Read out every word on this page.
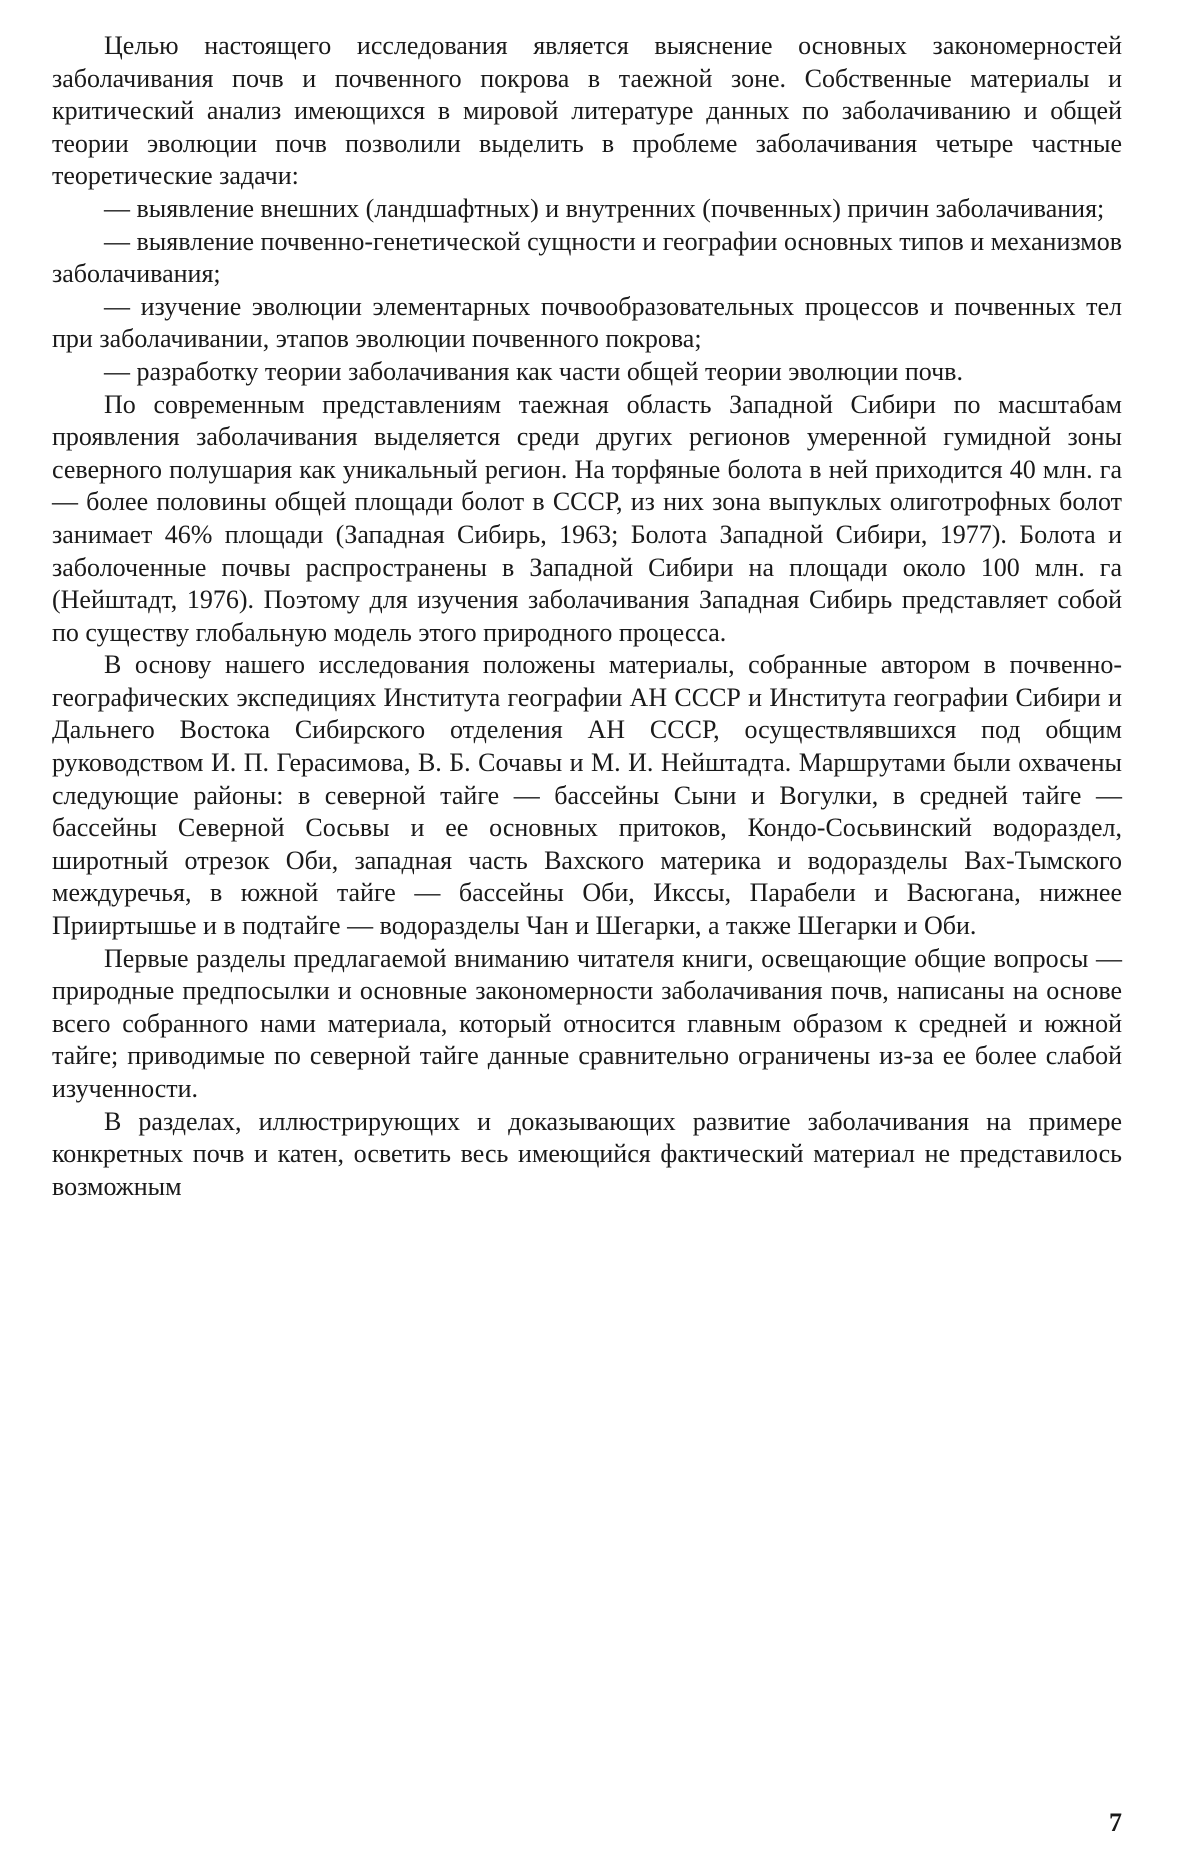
Целью настоящего исследования является выяснение основных закономерностей заболачивания почв и почвенного покрова в таежной зоне. Собственные материалы и критический анализ имеющихся в мировой литературе данных по заболачиванию и общей теории эволюции почв позволили выделить в проблеме заболачивания четыре частные теоретические задачи:

— выявление внешних (ландшафтных) и внутренних (почвенных) причин заболачивания;

— выявление почвенно-генетической сущности и географии основных типов и механизмов заболачивания;

— изучение эволюции элементарных почвообразовательных процессов и почвенных тел при заболачивании, этапов эволюции почвенного покрова;

— разработку теории заболачивания как части общей теории эволюции почв.

По современным представлениям таежная область Западной Сибири по масштабам проявления заболачивания выделяется среди других регионов умеренной гумидной зоны северного полушария как уникальный регион. На торфяные болота в ней приходится 40 млн. га — более половины общей площади болот в СССР, из них зона выпуклых олиготрофных болот занимает 46% площади (Западная Сибирь, 1963; Болота Западной Сибири, 1977). Болота и заболоченные почвы распространены в Западной Сибири на площади около 100 млн. га (Нейштадт, 1976). Поэтому для изучения заболачивания Западная Сибирь представляет собой по существу глобальную модель этого природного процесса.

В основу нашего исследования положены материалы, собранные автором в почвенно-географических экспедициях Института географии АН СССР и Института географии Сибири и Дальнего Востока Сибирского отделения АН СССР, осуществлявшихся под общим руководством И. П. Герасимова, В. Б. Сочавы и М. И. Нейштадта. Маршрутами были охвачены следующие районы: в северной тайге — бассейны Сыни и Вогулки, в средней тайге — бассейны Северной Сосьвы и ее основных притоков, Кондо-Сосьвинский водораздел, широтный отрезок Оби, западная часть Вахского материка и водоразделы Вах-Тымского междуречья, в южной тайге — бассейны Оби, Икссы, Парабели и Васюгана, нижнее Прииртышье и в подтайге — водоразделы Чан и Шегарки, а также Шегарки и Оби.

Первые разделы предлагаемой вниманию читателя книги, освещающие общие вопросы — природные предпосылки и основные закономерности заболачивания почв, написаны на основе всего собранного нами материала, который относится главным образом к средней и южной тайге; приводимые по северной тайге данные сравнительно ограничены из-за ее более слабой изученности.

В разделах, иллюстрирующих и доказывающих развитие заболачивания на примере конкретных почв и катен, осветить весь имеющийся фактический материал не представилось возможным

7
